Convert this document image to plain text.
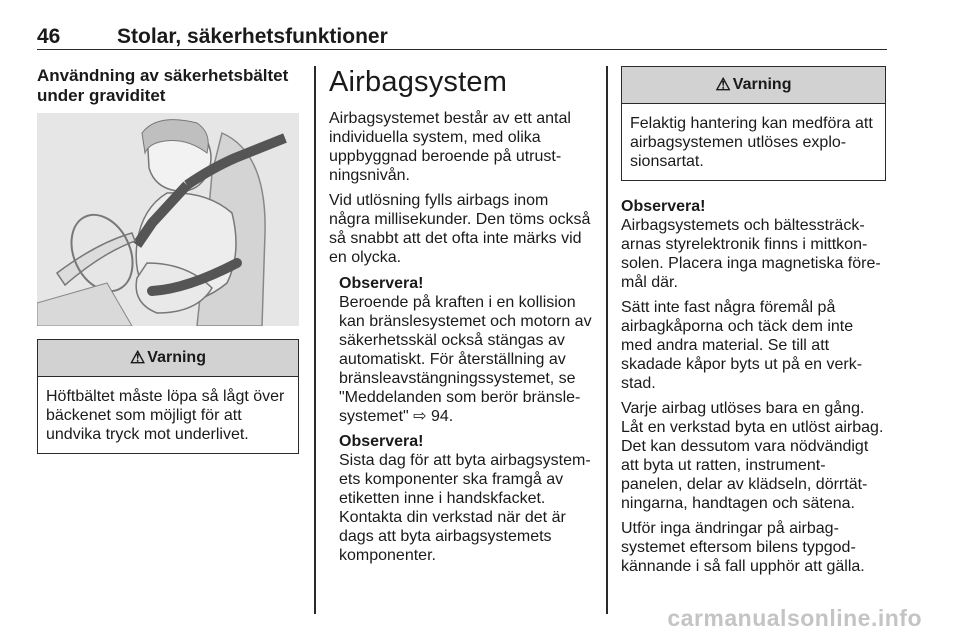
46	Stolar, säkerhetsfunktioner
Användning av säkerhetsbältet under graviditet
⚠ Varning
Höftbältet måste löpa så lågt över bäckenet som möjligt för att undvika tryck mot underlivet.
Airbagsystem

Airbagsystemet består av ett antal individuella system, med olika uppbyggnad beroende på utrust-ningsnivån.

Vid utlösning fylls airbags inom några millisekunder. Den töms också så snabbt att det ofta inte märks vid en olycka.

Observera!

Beroende på kraften i en kollision kan bränslesystemet och motorn av säkerhetsskäl också stängas av automatiskt. För återställning av bränsleavstängningssystemet, se "Meddelanden som berör bränsle-systemet" ⇨ 94.

Observera!

Sista dag för att byta airbagsystem-ets komponenter ska framgå av etiketten inne i handskfacket. Kontakta din verkstad när det är dags att byta airbagsystemets komponenter.

⚠ Varning
Felaktig hantering kan medföra att airbagsystemen utlöses explo-sionsartat.

Observera!

Airbagsystemets och bältessträck-arnas styrelektronik finns i mittkon-solen. Placera inga magnetiska före-mål där.

Sätt inte fast några föremål på airbagkåporna och täck dem inte med andra material. Se till att skadade kåpor byts ut på en verk-stad.

Varje airbag utlöses bara en gång. Låt en verkstad byta en utlöst airbag. Det kan dessutom vara nödvändigt att byta ut ratten, instrument-panelen, delar av klädseln, dörrtät-ningarna, handtagen och sätena.

Utför inga ändringar på airbag-systemet eftersom bilens typgod-kännande i så fall upphör att gälla.

carmanualsonline.info
